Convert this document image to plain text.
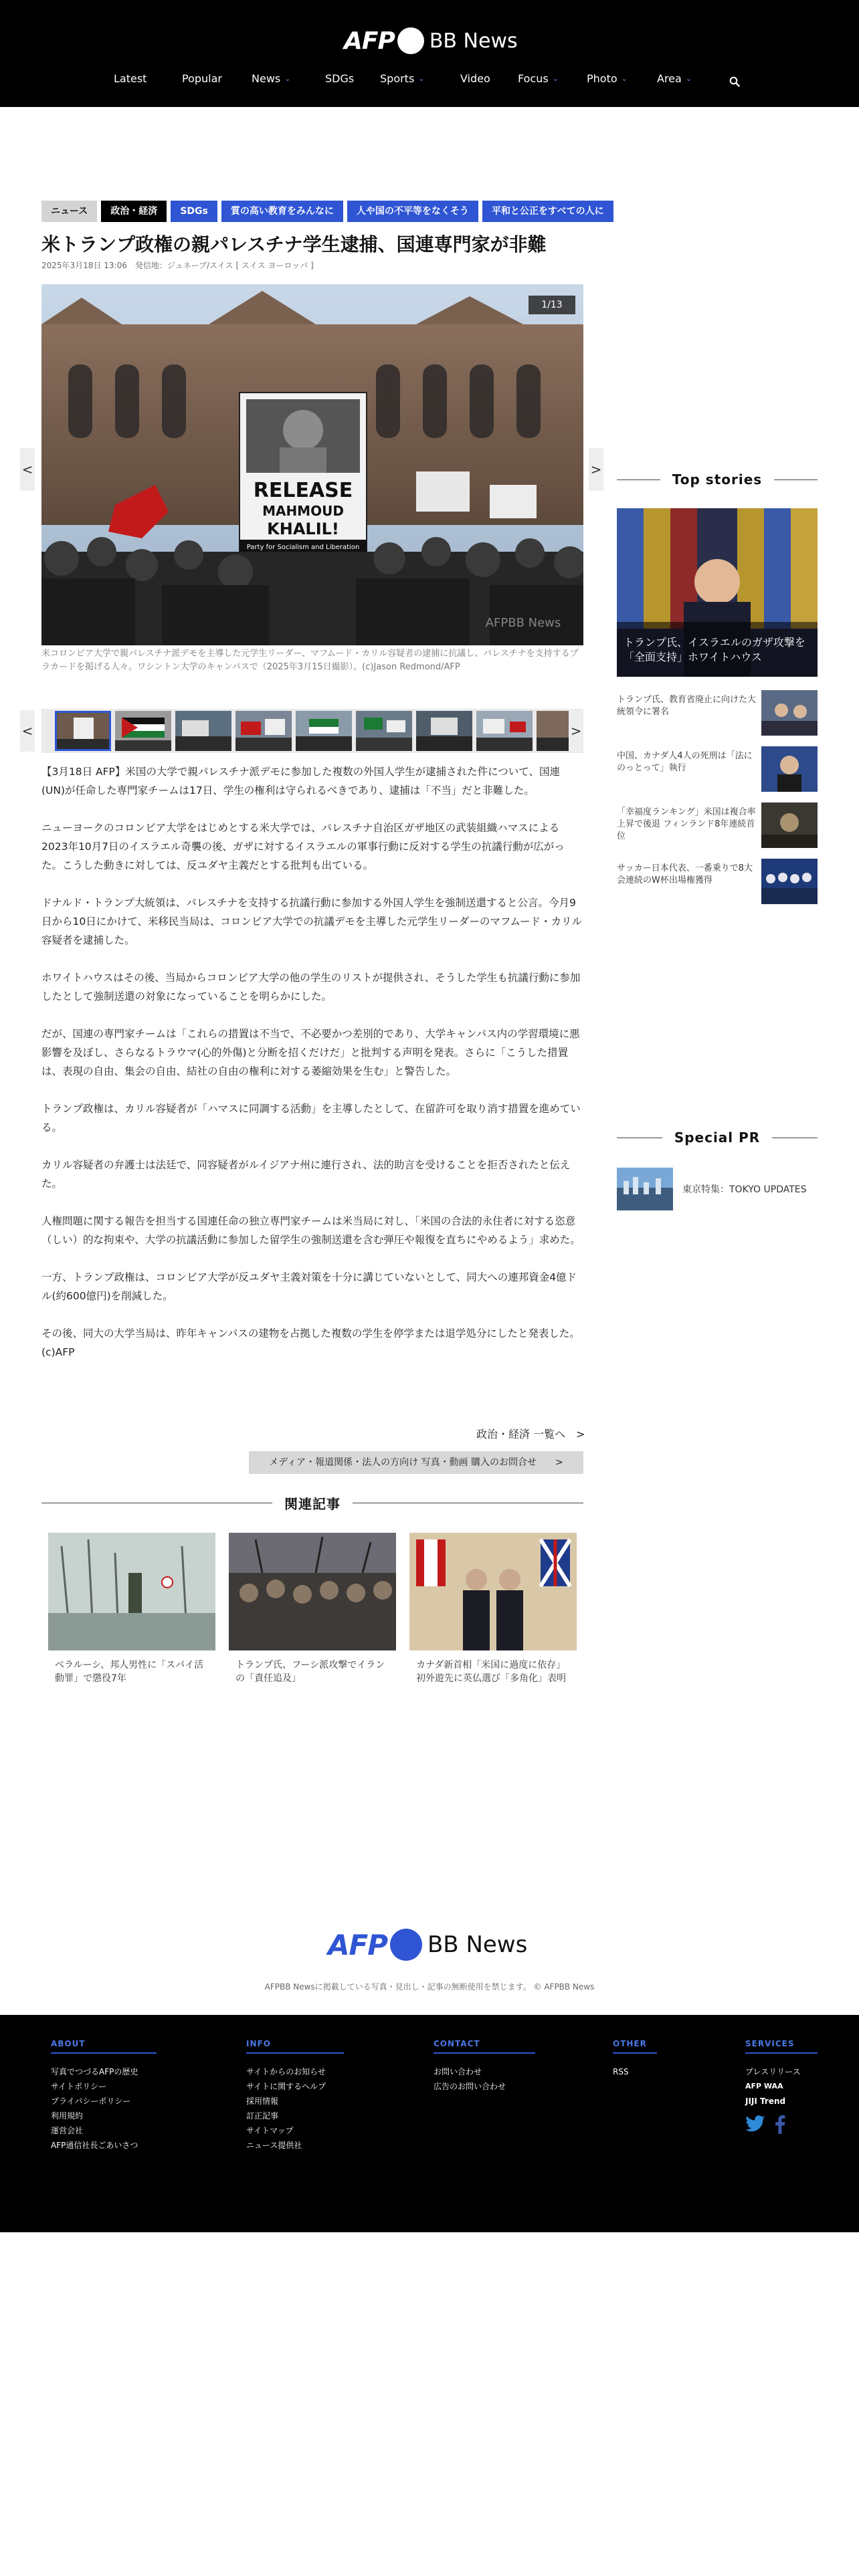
AFP BB News
Latest	Popular	News ⌄	SDGs Sports ⌄	Video	Focus ⌄	Photo ⌄	Area ⌄
ニュース	政治・経済	SDGs	質の高い教育をみんなに	人や国の不平等をなくそう	平和と公正をすべての人に
米トランプ政権の親パレスチナ学生逮捕、国連専門家が非難
2025年3月18日 13:06　発信地：ジュネーブ/スイス [ スイス ヨーロッパ ]
RELEASE
MAHMOUD
KHALIL!
Party for Socialism and Liberation
AFPBB News
1/13
<	>
米コロンビア大学で親パレスチナ派デモを主導した元学生リーダー、マフムード・カリル容疑者の逮捕に抗議し、パレスチナを支持するプラカードを掲げる人々。ワシントン大学のキャンパスで（2025年3月15日撮影）。(c)Jason Redmond/AFP
<	>

【3月18日 AFP】米国の大学で親パレスチナ派デモに参加した複数の外国人学生が逮捕された件について、国連(UN)が任命した専門家チームは17日、学生の権利は守られるべきであり、逮捕は「不当」だと非難した。

ニューヨークのコロンビア大学をはじめとする米大学では、パレスチナ自治区ガザ地区の武装組織ハマスによる2023年10月7日のイスラエル奇襲の後、ガザに対するイスラエルの軍事行動に反対する学生の抗議行動が広がった。こうした動きに対しては、反ユダヤ主義だとする批判も出ている。

ドナルド・トランプ大統領は、パレスチナを支持する抗議行動に参加する外国人学生を強制送還すると公言。今月9日から10日にかけて、米移民当局は、コロンビア大学での抗議デモを主導した元学生リーダーのマフムード・カリル容疑者を逮捕した。

ホワイトハウスはその後、当局からコロンビア大学の他の学生のリストが提供され、そうした学生も抗議行動に参加したとして強制送還の対象になっていることを明らかにした。

だが、国連の専門家チームは「これらの措置は不当で、不必要かつ差別的であり、大学キャンパス内の学習環境に悪影響を及ぼし、さらなるトラウマ(心的外傷)と分断を招くだけだ」と批判する声明を発表。さらに「こうした措置は、表現の自由、集会の自由、結社の自由の権利に対する萎縮効果を生む」と警告した。

トランプ政権は、カリル容疑者が「ハマスに同調する活動」を主導したとして、在留許可を取り消す措置を進めている。

カリル容疑者の弁護士は法廷で、同容疑者がルイジアナ州に連行され、法的助言を受けることを拒否されたと伝えた。

人権問題に関する報告を担当する国連任命の独立専門家チームは米当局に対し、「米国の合法的永住者に対する恣意（しい）的な拘束や、大学の抗議活動に参加した留学生の強制送還を含む弾圧や報復を直ちにやめるよう」求めた。

一方、トランプ政権は、コロンビア大学が反ユダヤ主義対策を十分に講じていないとして、同大への連邦資金4億ドル(約600億円)を削減した。

その後、同大の大学当局は、昨年キャンパスの建物を占拠した複数の学生を停学または退学処分にしたと発表した。(c)AFP

政治・経済 一覧へ　>
メディア・報道関係・法人の方向け 写真・動画 購入のお問合せ　　>
関連記事
ベラルーシ、邦人男性に「スパイ活動罪」で懲役7年
トランプ氏、フーシ派攻撃でイランの「責任追及」
カナダ新首相「米国に過度に依存」初外遊先に英仏選び「多角化」表明
Top stories
トランプ氏、イスラエルのガザ攻撃を「全面支持」ホワイトハウス
トランプ氏、教育省廃止に向けた大統領令に署名
中国、カナダ人4人の死刑は「法にのっとって」執行
「幸福度ランキング」米国は複合率上昇で後退 フィンランド8年連続首位
サッカー日本代表、一番乗りで8大会連続のW杯出場権獲得
Special PR
東京特集：TOKYO UPDATES
AFP BB News
AFPBB Newsに掲載している写真・見出し・記事の無断使用を禁じます。 © AFPBB News
ABOUT
写真でつづるAFPの歴史
サイトポリシー
プライバシーポリシー
利用規約
運営会社
AFP通信社長ごあいさつ
INFO
サイトからのお知らせ
サイトに関するヘルプ
採用情報
訂正記事
サイトマップ
ニュース提供社
CONTACT
お問い合わせ
広告のお問い合わせ
OTHER
RSS
SERVICES
プレスリリース
AFP WAA
JIJI Trend
